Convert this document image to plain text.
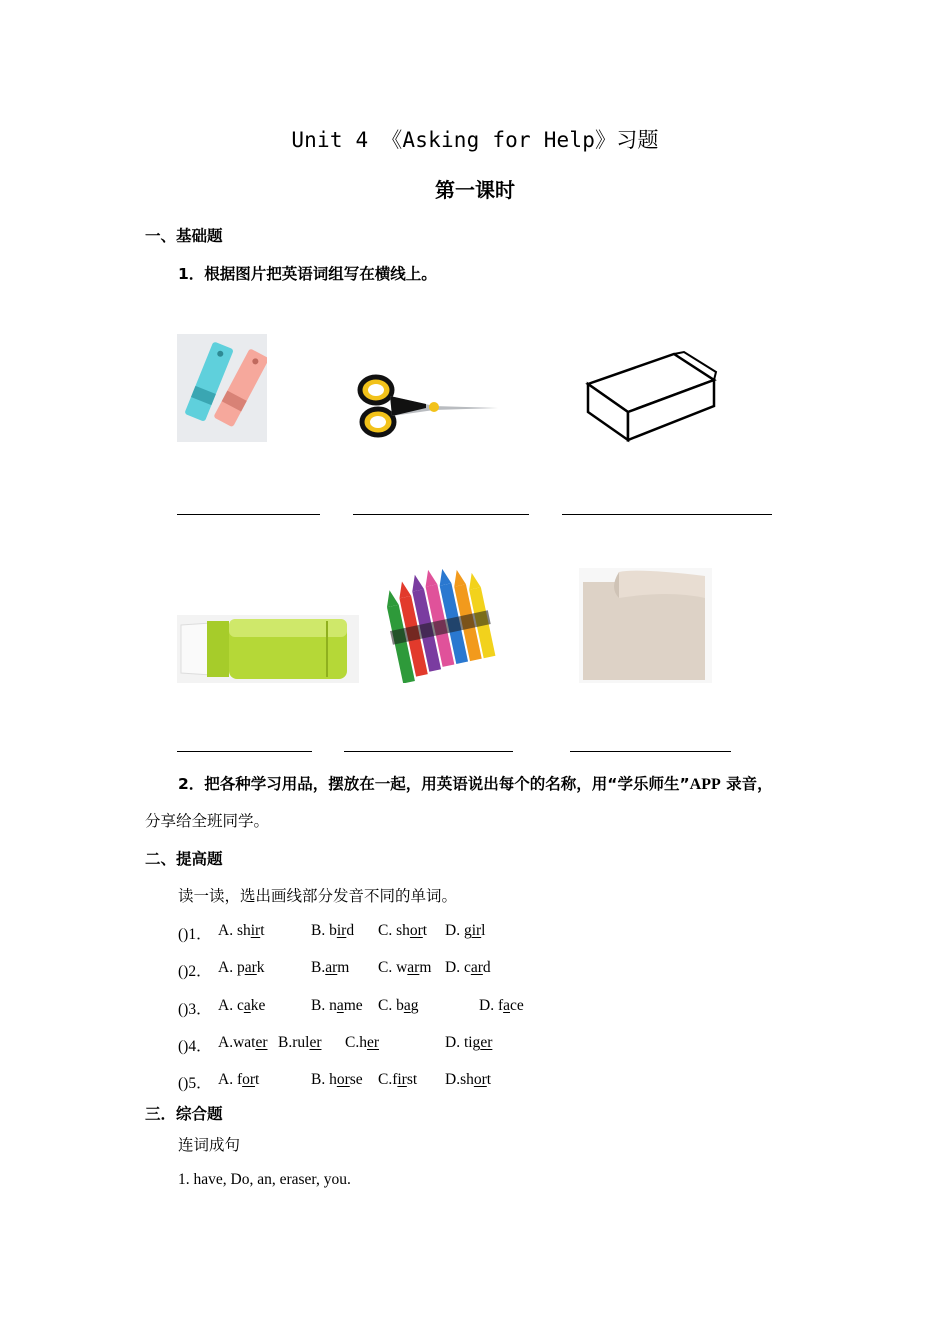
Unit 4 《Asking for Help》习题
第一课时
一、基础题
1．根据图片把英语词组写在横线上。
2．把各种学习用品，摆放在一起，用英语说出每个的名称，用“学乐师生”APP 录音，
分享给全班同学。
二、提高题
读一读，选出画线部分发音不同的单词。
()1． A. shirt	B. bird C. short D. girl
()2． A. park	B.arm C. warm D. card
()3． A. cake	B. name C. bag	D. face
()4． A.water B.ruler C.her	D. tiger
()5． A. fort	B. horse C.first D.short
三．综合题
连词成句
1. have, Do, an, eraser, you.
